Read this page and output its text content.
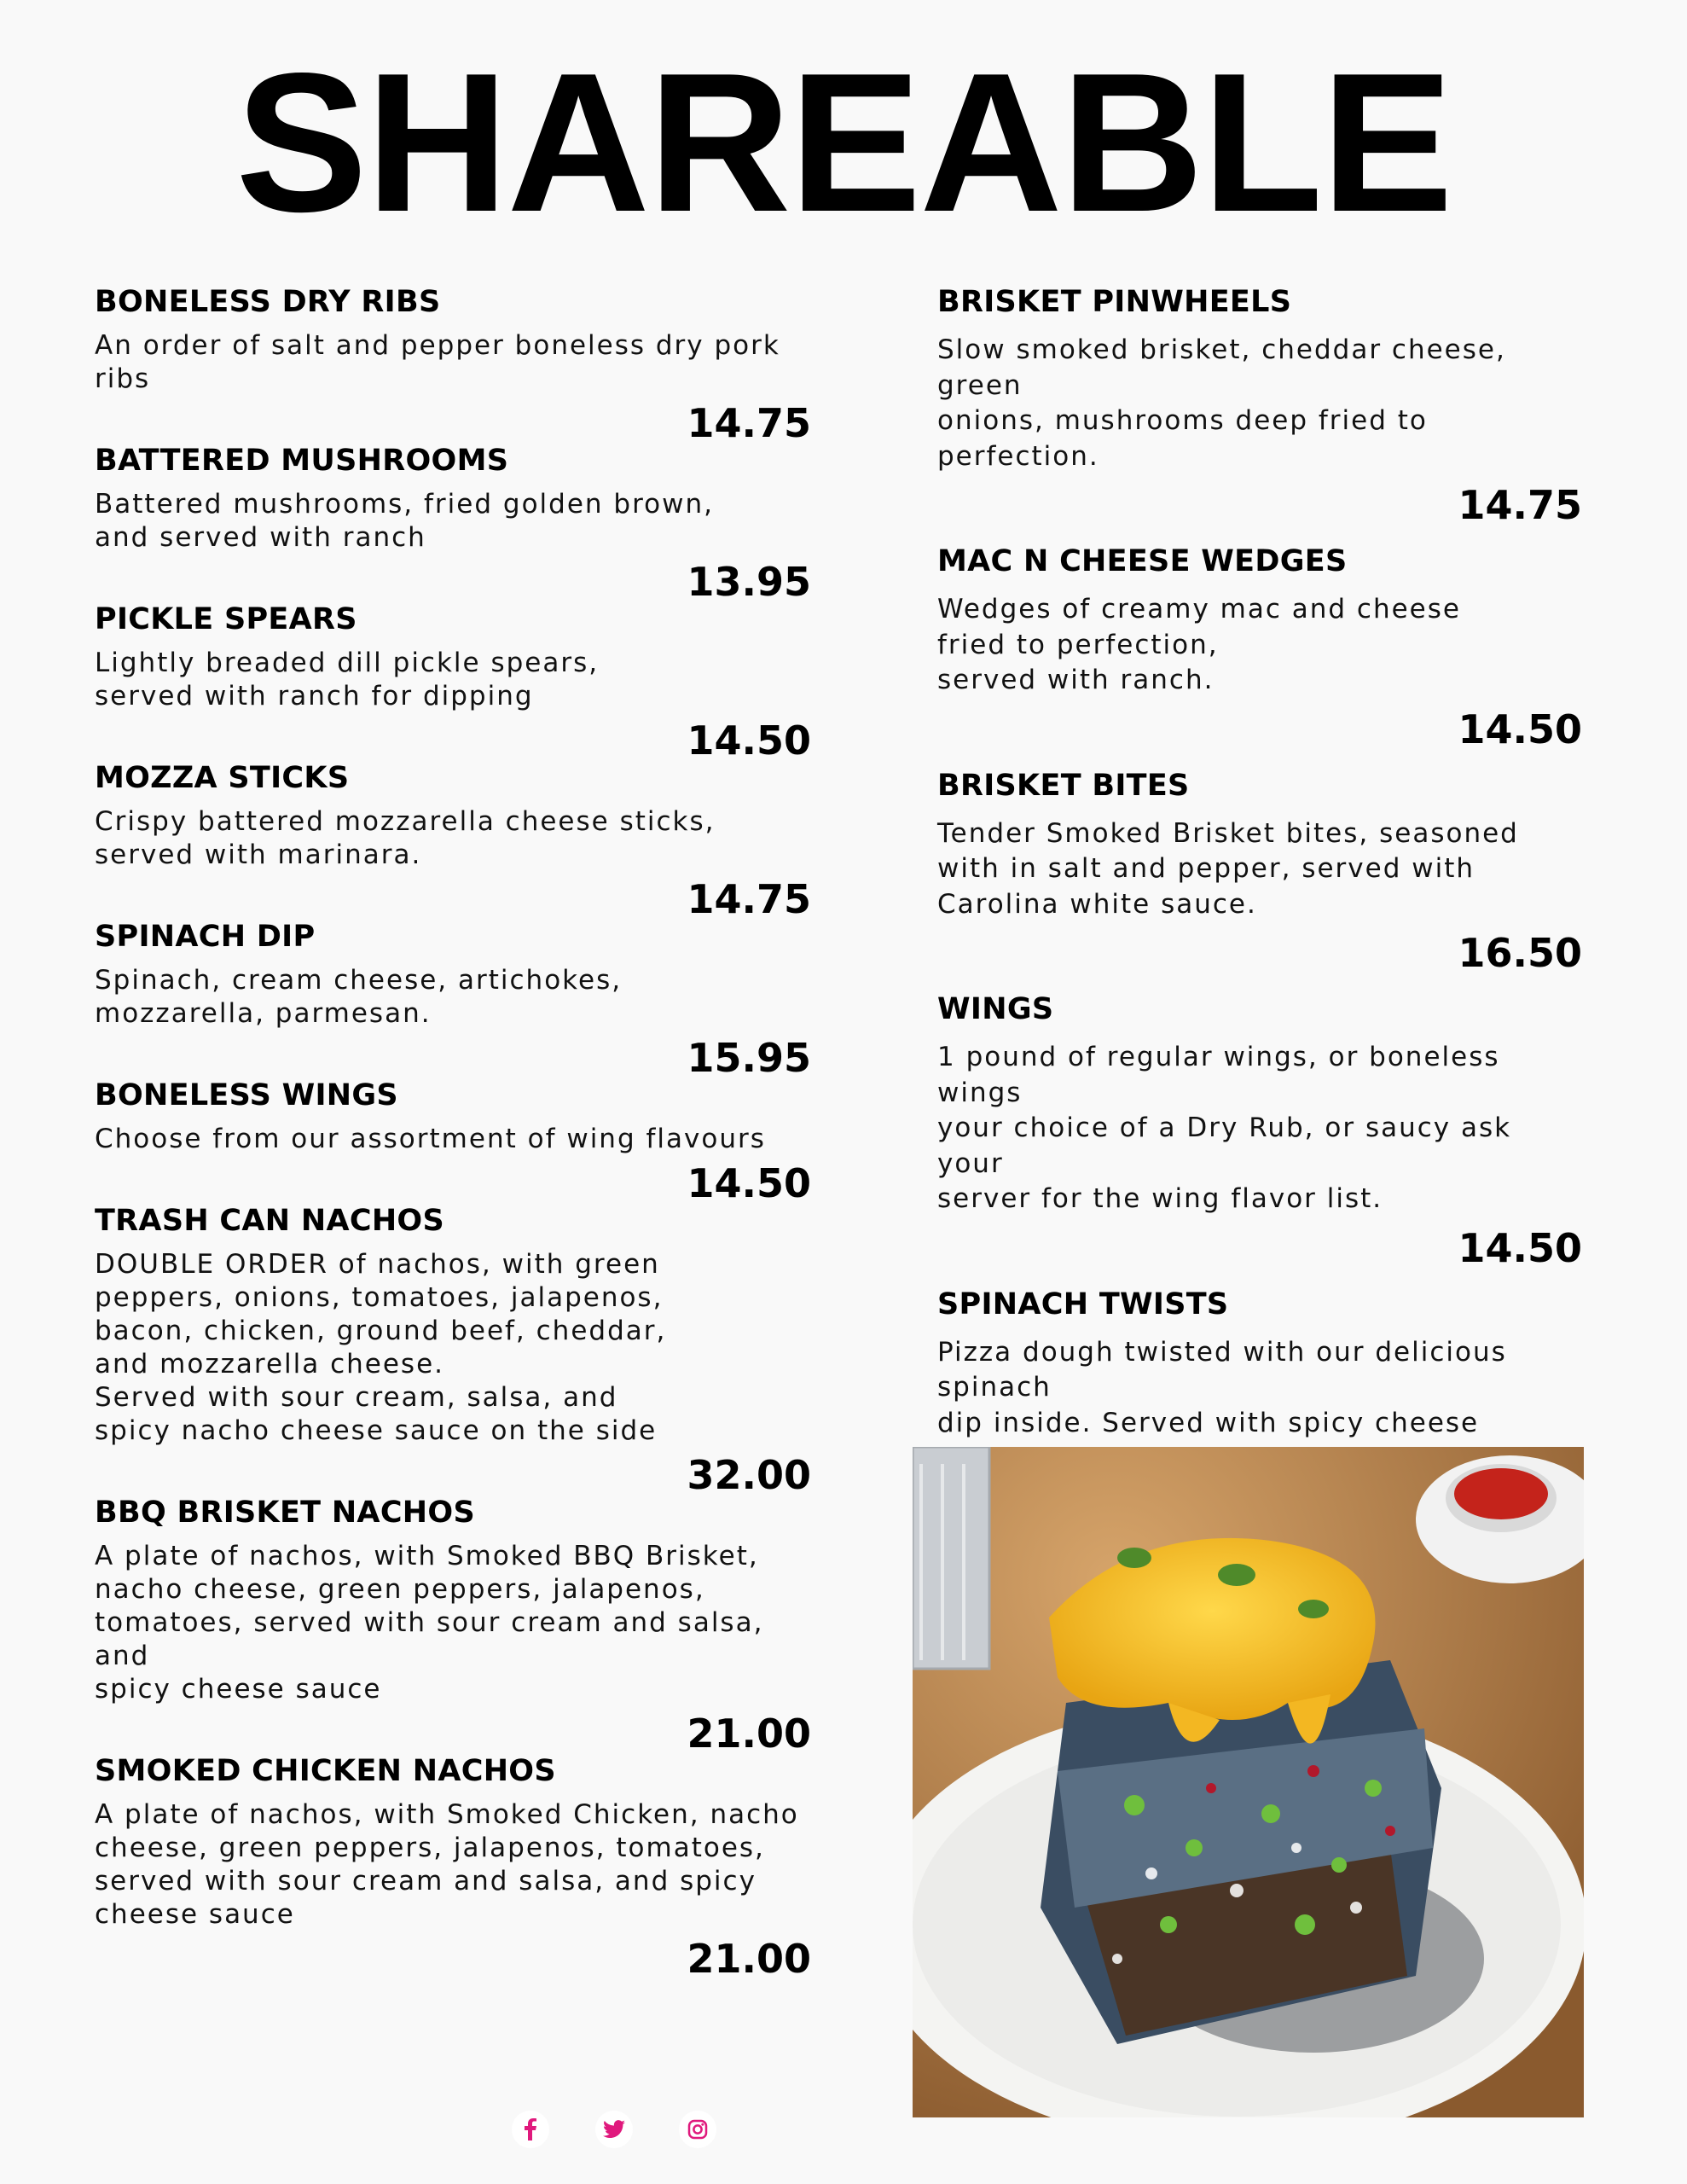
SHAREABLE
BONELESS DRY RIBS

An order of salt and pepper boneless dry pork ribs

14.75

BATTERED MUSHROOMS

Battered mushrooms, fried golden brown,
and served with ranch

13.95

PICKLE SPEARS

Lightly breaded dill pickle spears,
served with ranch for dipping

14.50

MOZZA STICKS

Crispy battered mozzarella cheese sticks,
served with marinara.

14.75

SPINACH DIP

Spinach, cream cheese, artichokes,
mozzarella, parmesan.

15.95

BONELESS WINGS

Choose from our assortment of wing flavours

14.50

TRASH CAN NACHOS

DOUBLE ORDER of nachos, with green
peppers, onions, tomatoes, jalapenos,
bacon, chicken, ground beef, cheddar,
and mozzarella cheese.
Served with sour cream, salsa, and
spicy nacho cheese sauce on the side

32.00

BBQ BRISKET NACHOS

A plate of nachos, with Smoked BBQ Brisket,
nacho cheese, green peppers, jalapenos,
tomatoes, served with sour cream and salsa, and
spicy cheese sauce

21.00

SMOKED CHICKEN NACHOS

A plate of nachos, with Smoked Chicken, nacho
cheese, green peppers, jalapenos, tomatoes,
served with sour cream and salsa, and spicy
cheese sauce

21.00

BRISKET PINWHEELS

Slow smoked brisket, cheddar cheese, green
onions, mushrooms deep fried to perfection.

14.75

MAC N CHEESE WEDGES

Wedges of creamy mac and cheese
fried to perfection,
served with ranch.

14.50

BRISKET BITES

Tender Smoked Brisket bites, seasoned
with in salt and pepper, served with
Carolina white sauce.

16.50

WINGS

1 pound of regular wings, or boneless wings
your choice of a Dry Rub, or saucy ask your
server for the wing flavor list.

14.50

SPINACH TWISTS

Pizza dough twisted with our delicious
spinach
dip inside. Served with spicy cheese
